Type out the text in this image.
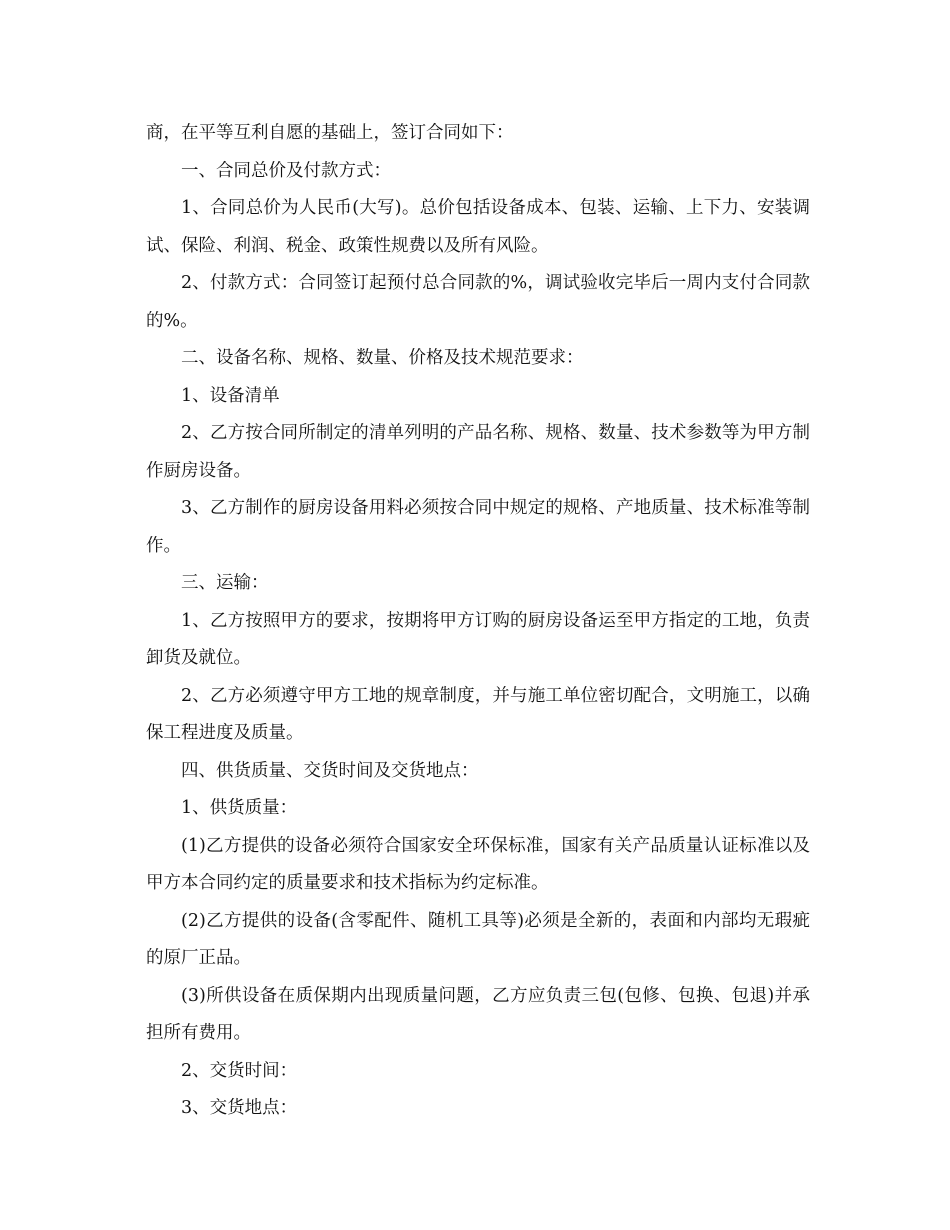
商，在平等互利自愿的基础上，签订合同如下：

一、合同总价及付款方式：

1、合同总价为人民币(大写)。总价包括设备成本、包装、运输、上下力、安装调试、保险、利润、税金、政策性规费以及所有风险。

2、付款方式：合同签订起预付总合同款的%，调试验收完毕后一周内支付合同款的%。

二、设备名称、规格、数量、价格及技术规范要求：

1、设备清单

2、乙方按合同所制定的清单列明的产品名称、规格、数量、技术参数等为甲方制作厨房设备。

3、乙方制作的厨房设备用料必须按合同中规定的规格、产地质量、技术标准等制作。

三、运输：

1、乙方按照甲方的要求，按期将甲方订购的厨房设备运至甲方指定的工地，负责卸货及就位。

2、乙方必须遵守甲方工地的规章制度，并与施工单位密切配合，文明施工，以确保工程进度及质量。

四、供货质量、交货时间及交货地点：

1、供货质量：

(1)乙方提供的设备必须符合国家安全环保标准，国家有关产品质量认证标准以及甲方本合同约定的质量要求和技术指标为约定标准。

(2)乙方提供的设备(含零配件、随机工具等)必须是全新的，表面和内部均无瑕疵的原厂正品。

(3)所供设备在质保期内出现质量问题，乙方应负责三包(包修、包换、包退)并承担所有费用。

2、交货时间：

3、交货地点：
